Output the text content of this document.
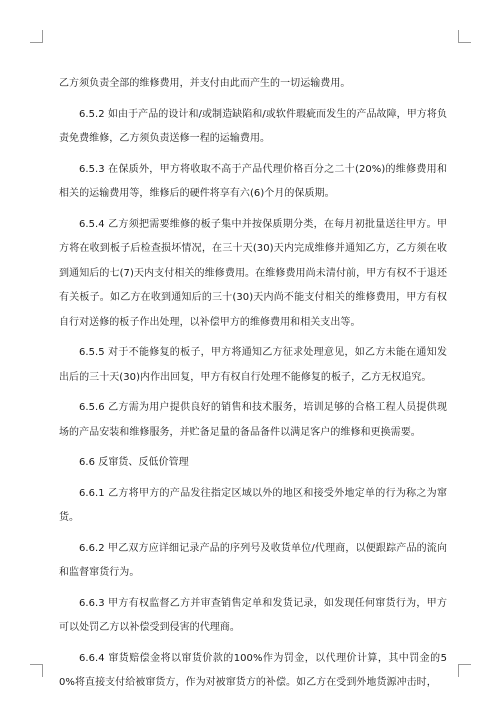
乙方须负责全部的维修费用，并支付由此而产生的一切运输费用。

6.5.2 如由于产品的设计和/或制造缺陷和/或软件瑕疵而发生的产品故障，甲方将负责免费维修，乙方须负责送修一程的运输费用。

6.5.3 在保质外，甲方将收取不高于产品代理价格百分之二十(20%)的维修费用和相关的运输费用等，维修后的硬件将享有六(6)个月的保质期。

6.5.4 乙方须把需要维修的板子集中并按保质期分类，在每月初批量送往甲方。甲方将在收到板子后检查损坏情况，在三十天(30)天内完成维修并通知乙方，乙方须在收到通知后的七(7)天内支付相关的维修费用。在维修费用尚未清付前，甲方有权不于退还有关板子。如乙方在收到通知后的三十(30)天内尚不能支付相关的维修费用，甲方有权自行对送修的板子作出处理，以补偿甲方的维修费用和相关支出等。

6.5.5 对于不能修复的板子，甲方将通知乙方征求处理意见，如乙方未能在通知发出后的三十天(30)内作出回复，甲方有权自行处理不能修复的板子，乙方无权追究。

6.5.6 乙方需为用户提供良好的销售和技术服务，培训足够的合格工程人员提供现场的产品安装和维修服务，并贮备足量的备品备件以满足客户的维修和更换需要。

6.6 反窜货、反低价管理

6.6.1 乙方将甲方的产品发往指定区域以外的地区和接受外地定单的行为称之为窜货。

6.6.2 甲乙双方应详细记录产品的序列号及收货单位/代理商，以便跟踪产品的流向和监督窜货行为。

6.6.3 甲方有权监督乙方并审查销售定单和发货记录，如发现任何窜货行为，甲方可以处罚乙方以补偿受到侵害的代理商。

6.6.4 窜货赔偿金将以窜货价款的100%作为罚金，以代理价计算，其中罚金的50%将直接支付给被窜货方，作为对被窜货方的补偿。如乙方在受到外地货源冲击时，
